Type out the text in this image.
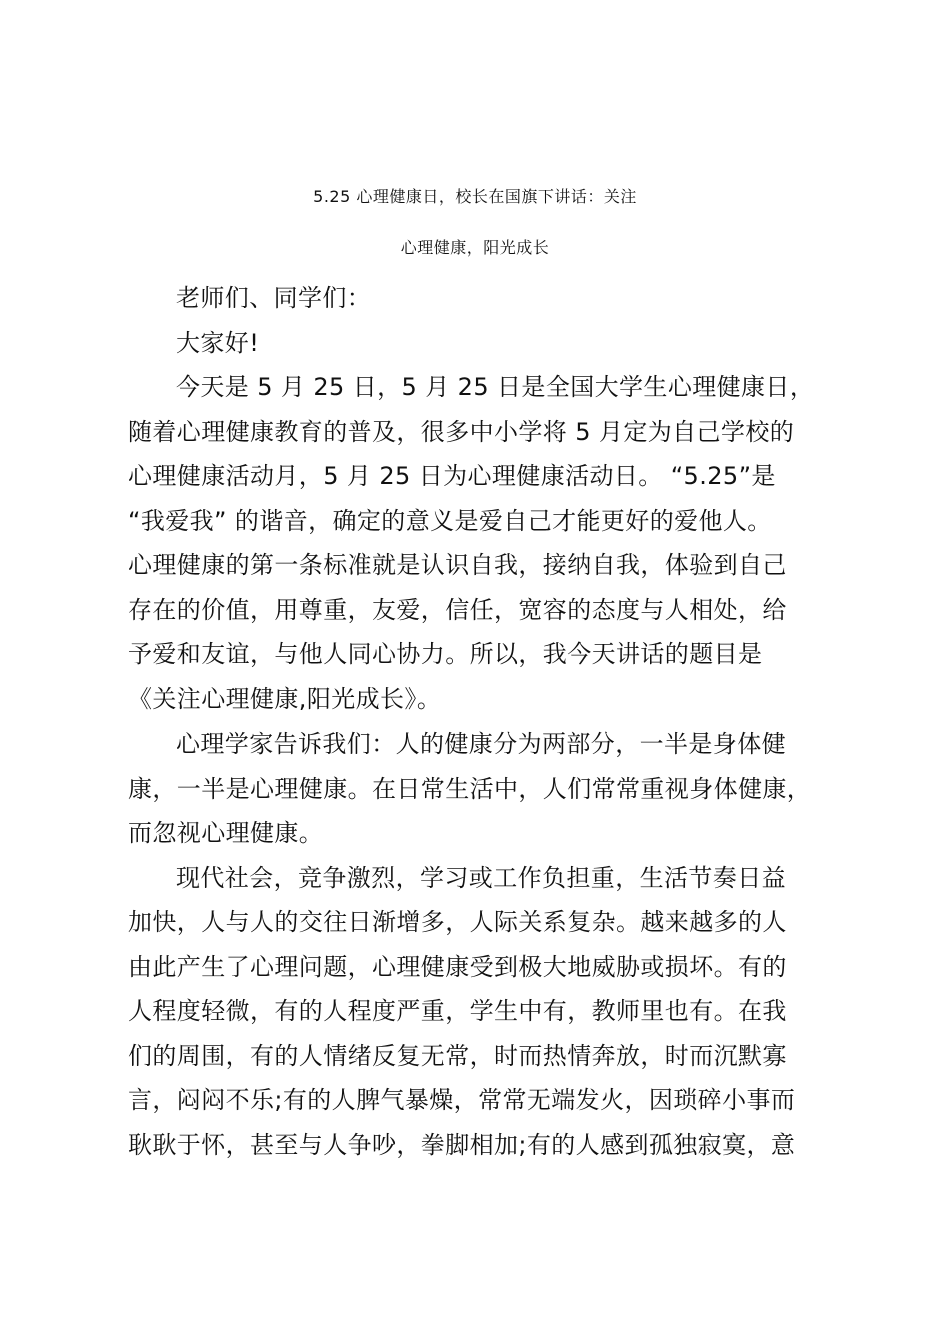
5.25 心理健康日，校长在国旗下讲话：关注
心理健康，阳光成长
老师们、同学们：
大家好!
今天是 5 月 25 日，5 月 25 日是全国大学生心理健康日，
随着心理健康教育的普及，很多中小学将 5 月定为自己学校的
心理健康活动月，5 月 25 日为心理健康活动日。 “5.25”是
“我爱我” 的谐音，确定的意义是爱自己才能更好的爱他人。
心理健康的第一条标准就是认识自我，接纳自我，体验到自己
存在的价值，用尊重，友爱，信任，宽容的态度与人相处，给
予爱和友谊，与他人同心协力。所以，我今天讲话的题目是
《关注心理健康,阳光成长》。
心理学家告诉我们：人的健康分为两部分，一半是身体健
康，一半是心理健康。在日常生活中，人们常常重视身体健康，
而忽视心理健康。
现代社会，竞争激烈，学习或工作负担重，生活节奏日益
加快，人与人的交往日渐增多，人际关系复杂。越来越多的人
由此产生了心理问题，心理健康受到极大地威胁或损坏。有的
人程度轻微，有的人程度严重，学生中有，教师里也有。在我
们的周围，有的人情绪反复无常，时而热情奔放，时而沉默寡
言，闷闷不乐;有的人脾气暴燥，常常无端发火，因琐碎小事而
耿耿于怀，甚至与人争吵，拳脚相加;有的人感到孤独寂寞，意
